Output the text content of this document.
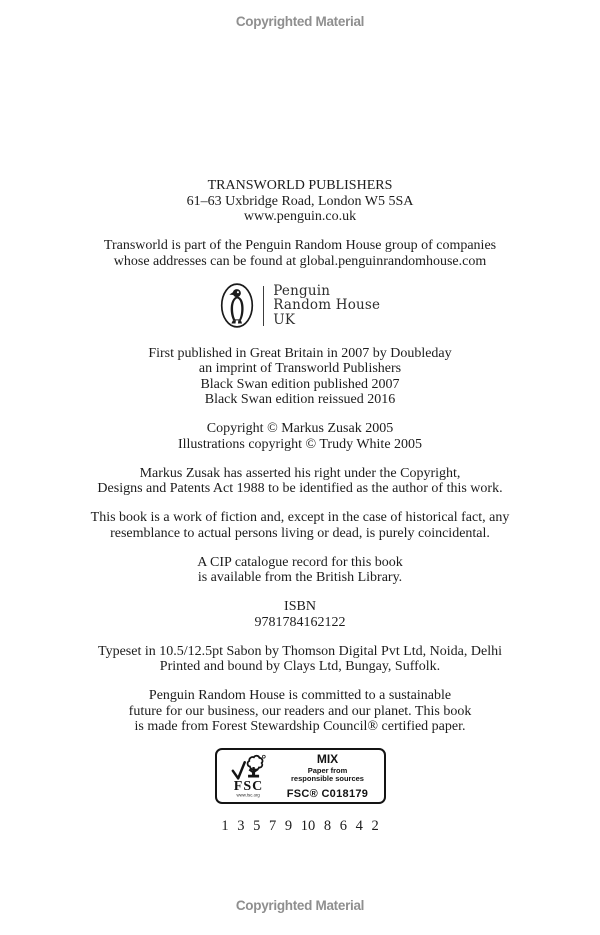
Copyrighted Material
TRANSWORLD PUBLISHERS
61–63 Uxbridge Road, London W5 5SA
www.penguin.co.uk
Transworld is part of the Penguin Random House group of companies
whose addresses can be found at global.penguinrandomhouse.com
Penguin
Random House
UK
First published in Great Britain in 2007 by Doubleday
an imprint of Transworld Publishers
Black Swan edition published 2007
Black Swan edition reissued 2016
Copyright © Markus Zusak 2005
Illustrations copyright © Trudy White 2005
Markus Zusak has asserted his right under the Copyright,
Designs and Patents Act 1988 to be identified as the author of this work.
This book is a work of fiction and, except in the case of historical fact, any
resemblance to actual persons living or dead, is purely coincidental.
A CIP catalogue record for this book
is available from the British Library.
ISBN
9781784162122
Typeset in 10.5/12.5pt Sabon by Thomson Digital Pvt Ltd, Noida, Delhi
Printed and bound by Clays Ltd, Bungay, Suffolk.
Penguin Random House is committed to a sustainable
future for our business, our readers and our planet. This book
is made from Forest Stewardship Council® certified paper.
FSC
www.fsc.org
MIX
Paper from
responsible sources
FSC® C018179
1 3 5 7 9 10 8 6 4 2
Copyrighted Material
